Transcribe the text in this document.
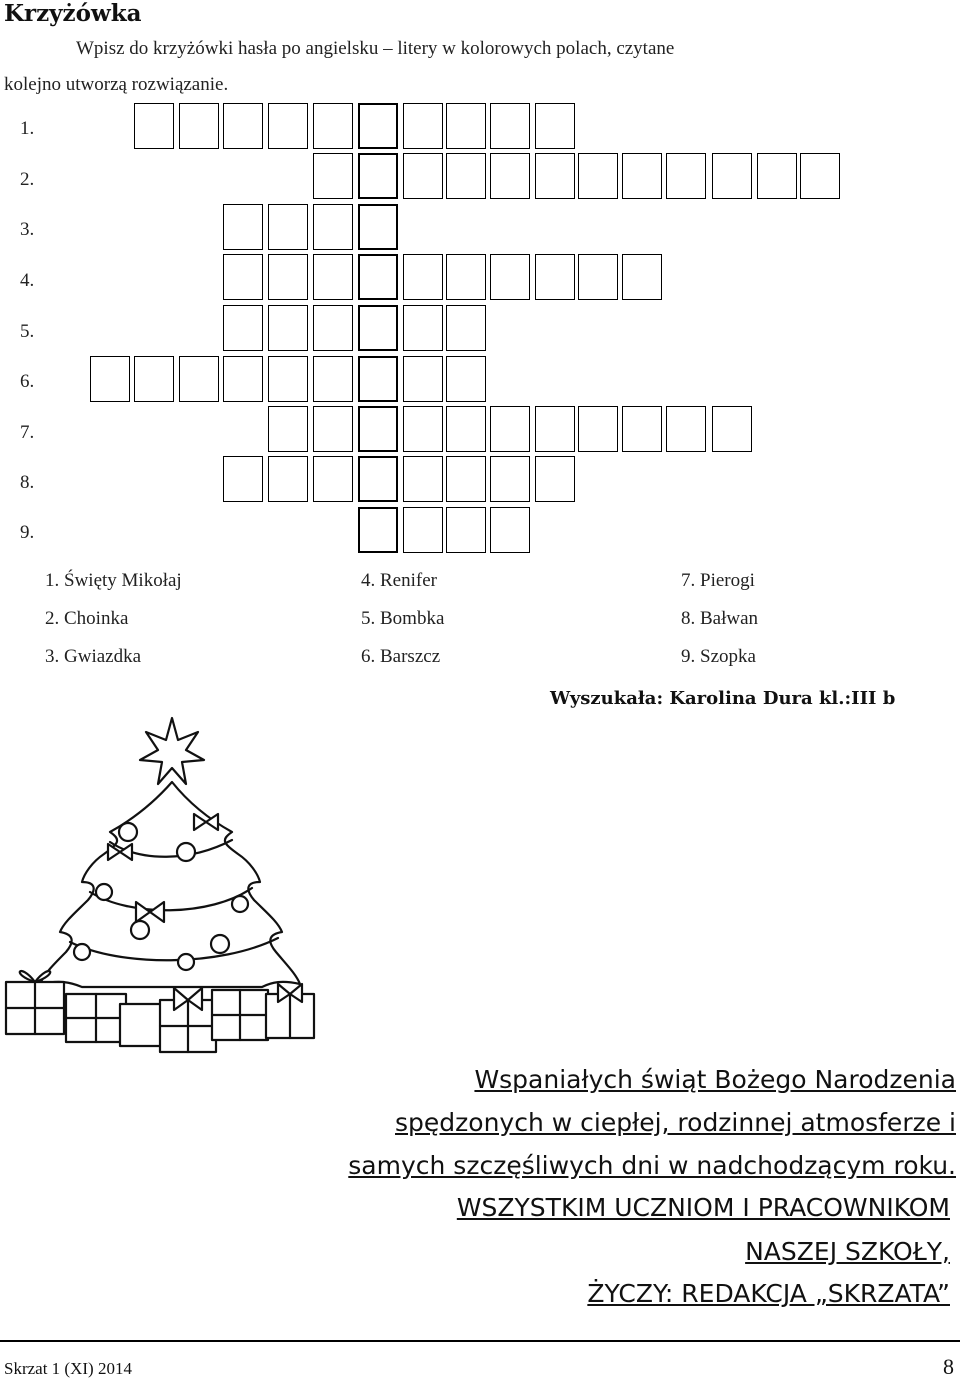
Krzyżówka
Wpisz do krzyżówki hasła po angielsku – litery w kolorowych polach, czytane
kolejno utworzą rozwiązanie.
1.
2.
3.
4.
5.
6.
7.
8.
9.
1. Święty Mikołaj
2. Choinka
3. Gwiazdka
4. Renifer
5. Bombka
6. Barszcz
7. Pierogi
8. Bałwan
9. Szopka
Wyszukała: Karolina Dura kl.:III b
Wspaniałych świąt Bożego Narodzenia
spędzonych w ciepłej, rodzinnej atmosferze i
samych szczęśliwych dni w nadchodzącym roku.
WSZYSTKIM UCZNIOM I PRACOWNIKOM
NASZEJ SZKOŁY,
ŻYCZY: REDAKCJA „SKRZATA”
Skrzat 1 (XI) 2014	8
